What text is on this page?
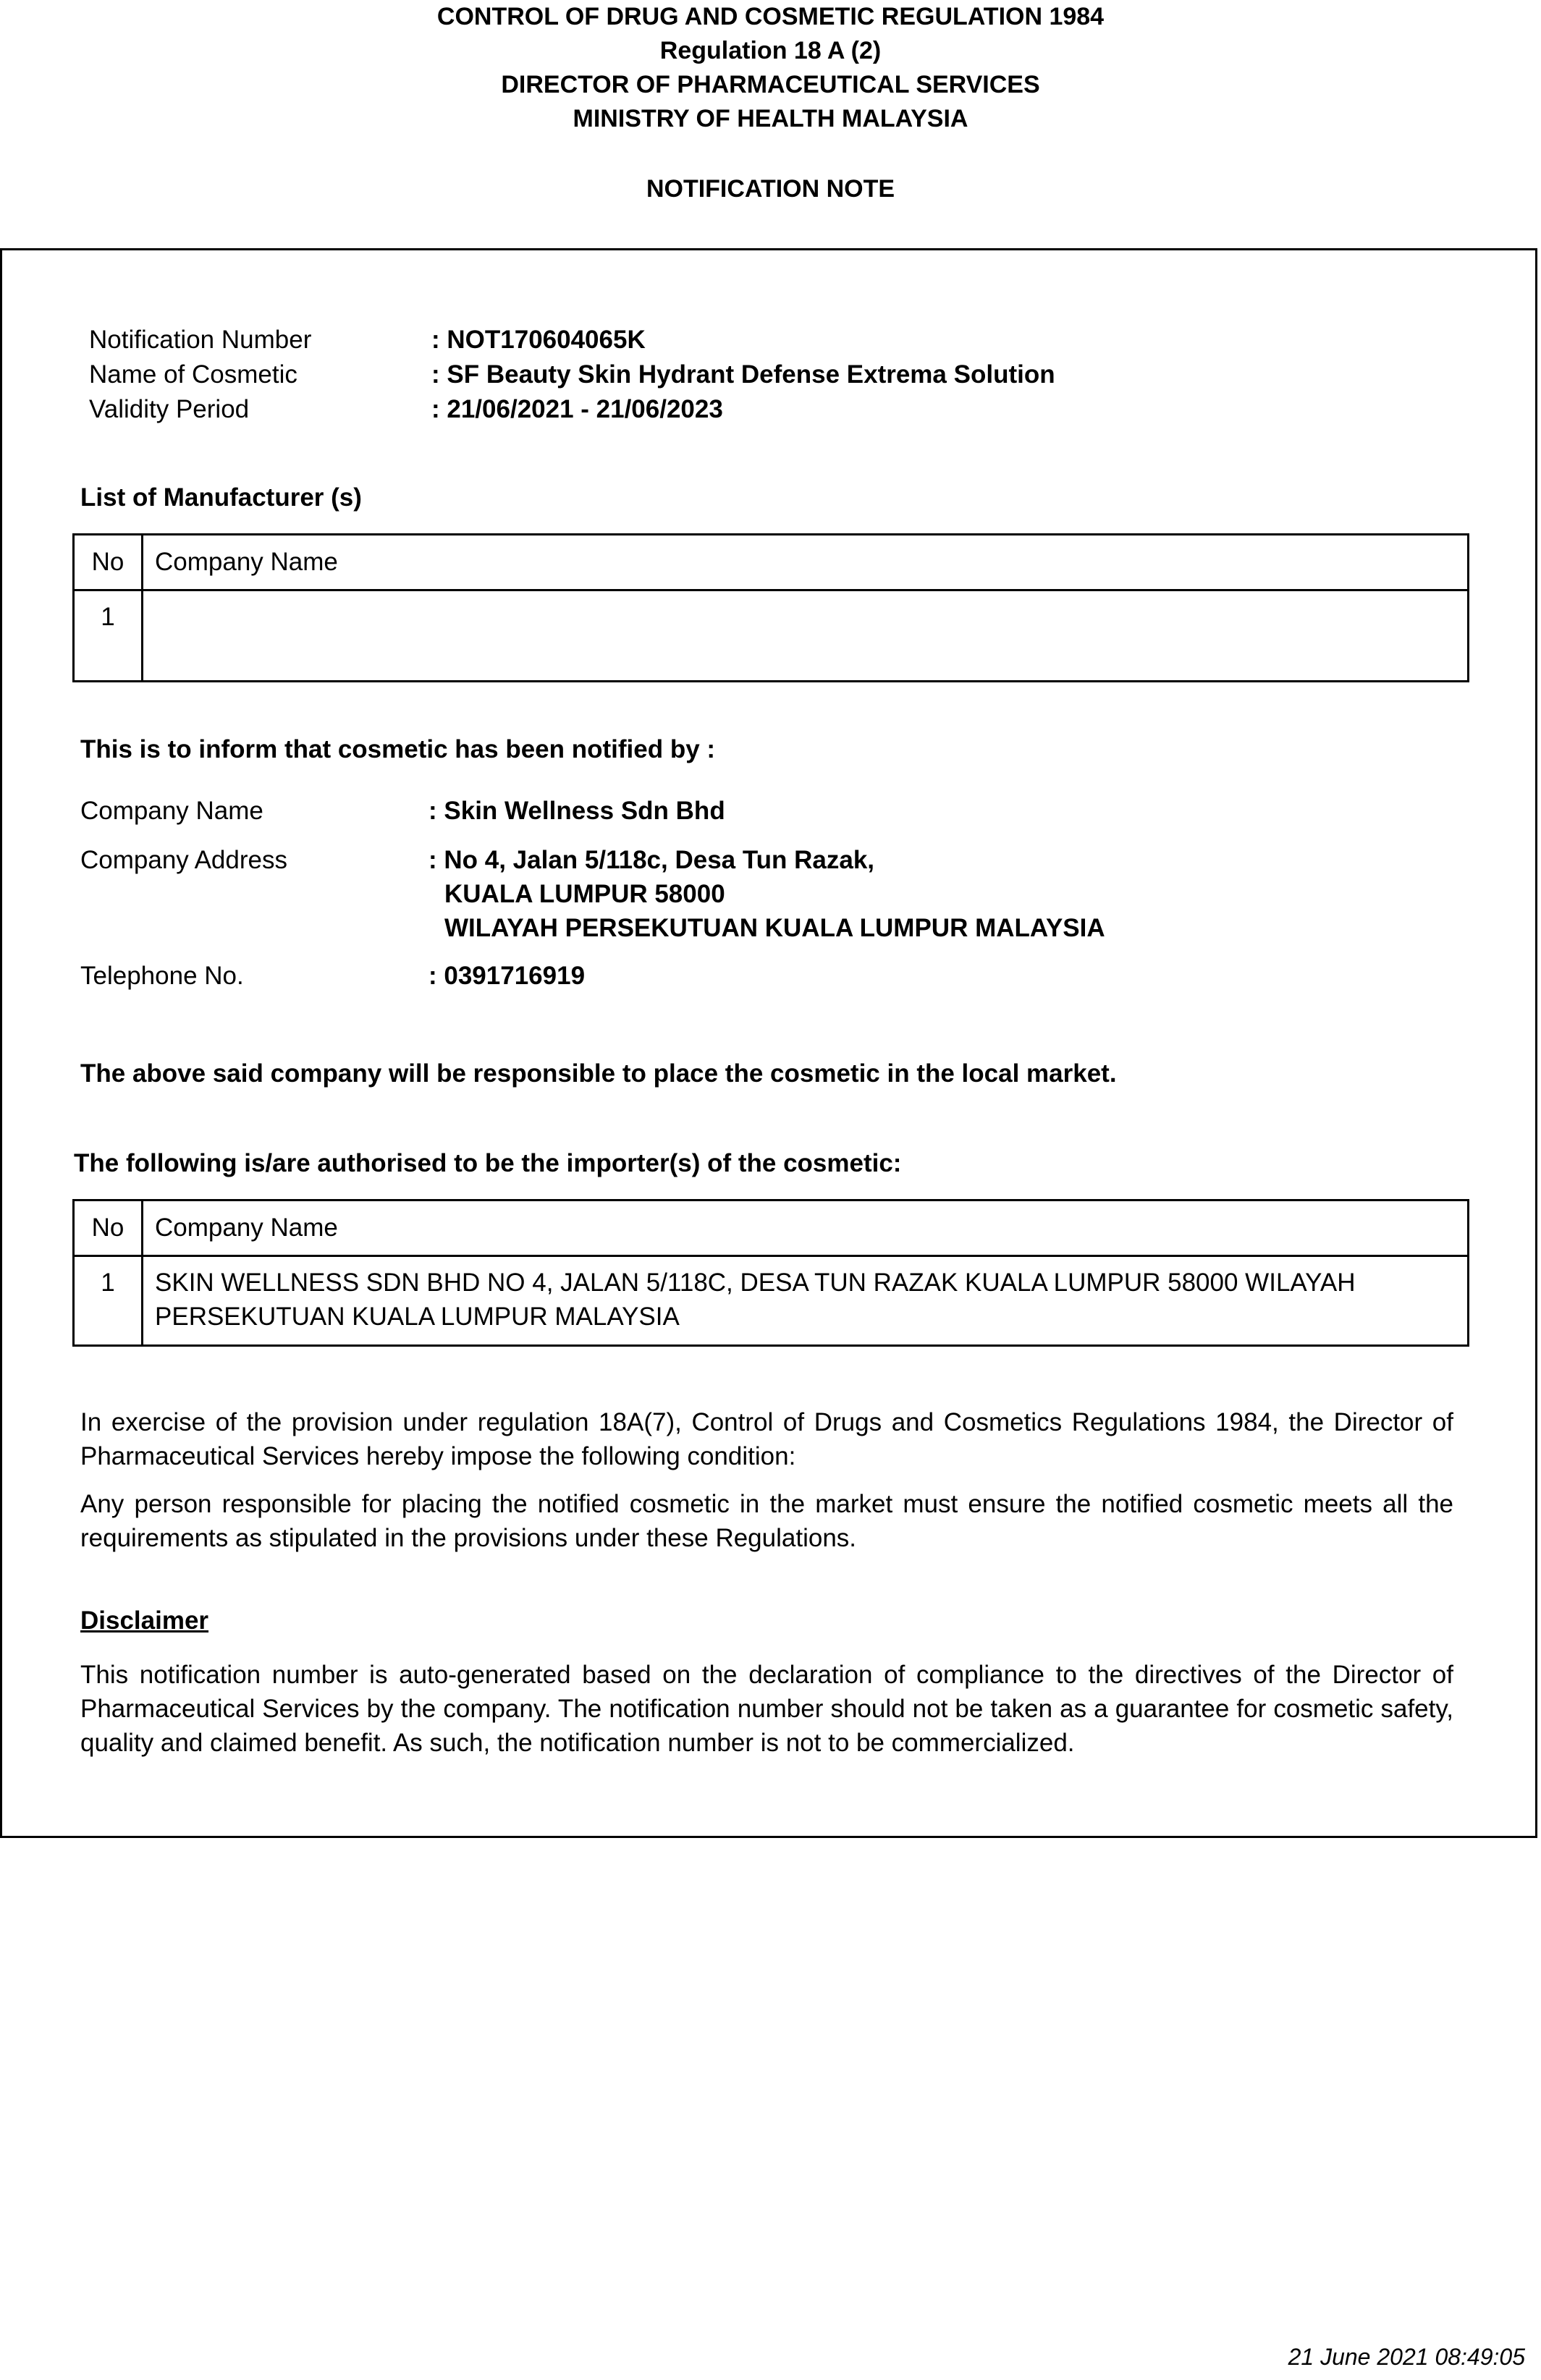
CONTROL OF DRUG AND COSMETIC REGULATION 1984
Regulation 18 A (2)
DIRECTOR OF PHARMACEUTICAL SERVICES
MINISTRY OF HEALTH MALAYSIA
NOTIFICATION NOTE
Notification Number	: NOT170604065K
Name of Cosmetic	: SF Beauty Skin Hydrant Defense Extrema Solution
Validity Period	: 21/06/2021 - 21/06/2023
List of Manufacturer (s)
No	Company Name

1	

This is to inform that cosmetic has been notified by :
Company Name	: Skin Wellness Sdn Bhd
Company Address	: No 4, Jalan 5/118c, Desa Tun Razak,
KUALA LUMPUR 58000
WILAYAH PERSEKUTUAN KUALA LUMPUR MALAYSIA
Telephone No.	: 0391716919
The above said company will be responsible to place the cosmetic in the local market.
The following is/are authorised to be the importer(s) of the cosmetic:
No	Company Name

1	SKIN WELLNESS SDN BHD NO 4, JALAN 5/118C, DESA TUN RAZAK KUALA LUMPUR 58000 WILAYAH PERSEKUTUAN KUALA LUMPUR MALAYSIA
In exercise of the provision under regulation 18A(7), Control of Drugs and Cosmetics Regulations 1984, the Director of Pharmaceutical Services hereby impose the following condition:
Any person responsible for placing the notified cosmetic in the market must ensure the notified cosmetic meets all the requirements as stipulated in the provisions under these Regulations.
Disclaimer
This notification number is auto-generated based on the declaration of compliance to the directives of the Director of Pharmaceutical Services by the company. The notification number should not be taken as a guarantee for cosmetic safety, quality and claimed benefit. As such, the notification number is not to be commercialized.
21 June 2021 08:49:05
